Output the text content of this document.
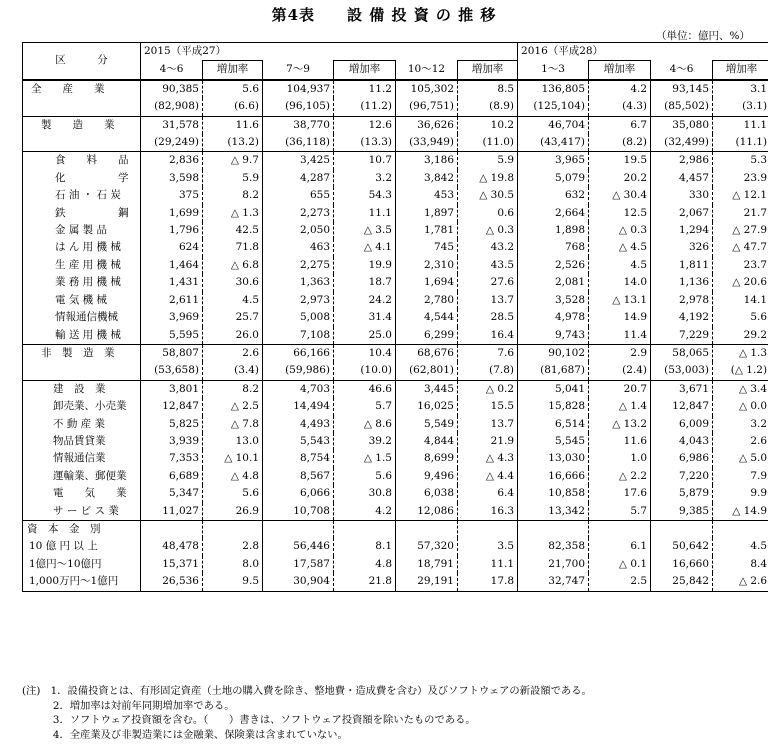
第4表　　設 備 投 資 の 推 移
（単位：億円、%）
区　　　分	2015（平成27）						2016（平成28）			
	4〜6	増加率	7〜9	増加率	10〜12	増加率	1〜3	増加率	4〜6	増加率
全　　産　　業	90,385	5.6	104,937	11.2	105,302	8.5	136,805	4.2	93,145	3.1
	(82,908)	(6.6)	(96,105)	(11.2)	(96,751)	(8.9)	(125,104)	(4.3)	(85,502)	(3.1)
製　　造　　業	31,578	11.6	38,770	12.6	36,626	10.2	46,704	6.7	35,080	11.1
	(29,249)	(13.2)	(36,118)	(13.3)	(33,949)	(11.0)	(43,417)	(8.2)	(32,499)	(11.1)
食　　料　　品	2,836	△ 9.7	3,425	10.7	3,186	5.9	3,965	19.5	2,986	5.3
化　　　　　学	3,598	5.9	4,287	3.2	3,842	△ 19.8	5,079	20.2	4,457	23.9
石 油 ・ 石 炭	375	8.2	655	54.3	453	△ 30.5	632	△ 30.4	330	△ 12.1
鉄　　　　　鋼	1,699	△ 1.3	2,273	11.1	1,897	0.6	2,664	12.5	2,067	21.7
金 属 製 品	1,796	42.5	2,050	△ 3.5	1,781	△ 0.3	1,898	△ 0.3	1,294	△ 27.9
は ん 用 機 械	624	71.8	463	△ 4.1	745	43.2	768	△ 4.5	326	△ 47.7
生 産 用 機 械	1,464	△ 6.8	2,275	19.9	2,310	43.5	2,526	4.5	1,811	23.7
業 務 用 機 械	1,431	30.6	1,363	18.7	1,694	27.6	2,081	14.0	1,136	△ 20.6
電 気 機 械	2,611	4.5	2,973	24.2	2,780	13.7	3,528	△ 13.1	2,978	14.1
情報通信機械	3,969	25.7	5,008	31.4	4,544	28.5	4,978	14.9	4,192	5.6
輸 送 用 機 械	5,595	26.0	7,108	25.0	6,299	16.4	9,743	11.4	7,229	29.2
非　製　造　業	58,807	2.6	66,166	10.4	68,676	7.6	90,102	2.9	58,065	△ 1.3
	(53,658)	(3.4)	(59,986)	(10.0)	(62,801)	(7.8)	(81,687)	(2.4)	(53,003)	(△ 1.2)
建　設　業	3,801	8.2	4,703	46.6	3,445	△ 0.2	5,041	20.7	3,671	△ 3.4
卸売業、小売業	12,847	△ 2.5	14,494	5.7	16,025	15.5	15,828	△ 1.4	12,847	△ 0.0
不 動 産 業	5,825	△ 7.8	4,493	△ 8.6	5,549	13.7	6,514	△ 13.2	6,009	3.2
物品賃貸業	3,939	13.0	5,543	39.2	4,844	21.9	5,545	11.6	4,043	2.6
情報通信業	7,353	△ 10.1	8,754	△ 1.5	8,699	△ 4.3	13,030	1.0	6,986	△ 5.0
運輸業、郵便業	6,689	△ 4.8	8,567	5.6	9,496	△ 4.4	16,666	△ 2.2	7,220	7.9
電　　気　　業	5,347	5.6	6,066	30.8	6,038	6.4	10,858	17.6	5,879	9.9
サ ー ビ ス 業	11,027	26.9	10,708	4.2	12,086	16.3	13,342	5.7	9,385	△ 14.9
資　本　金　別										
10 億 円 以 上	48,478	2.8	56,446	8.1	57,320	3.5	82,358	6.1	50,642	4.5
1億円〜10億円	15,371	8.0	17,587	4.8	18,791	11.1	21,700	△ 0.1	16,660	8.4
1,000万円〜1億円	26,536	9.5	30,904	21.8	29,191	17.8	32,747	2.5	25,842	△ 2.6
(注)　1．設備投資とは、有形固定資産（土地の購入費を除き、整地費・造成費を含む）及びソフトウェアの新設額である。
　　　2．増加率は対前年同期増加率である。
　　　3．ソフトウェア投資額を含む。（　　）書きは、ソフトウェア投資額を除いたものである。
　　　4．全産業及び非製造業には金融業、保険業は含まれていない。
